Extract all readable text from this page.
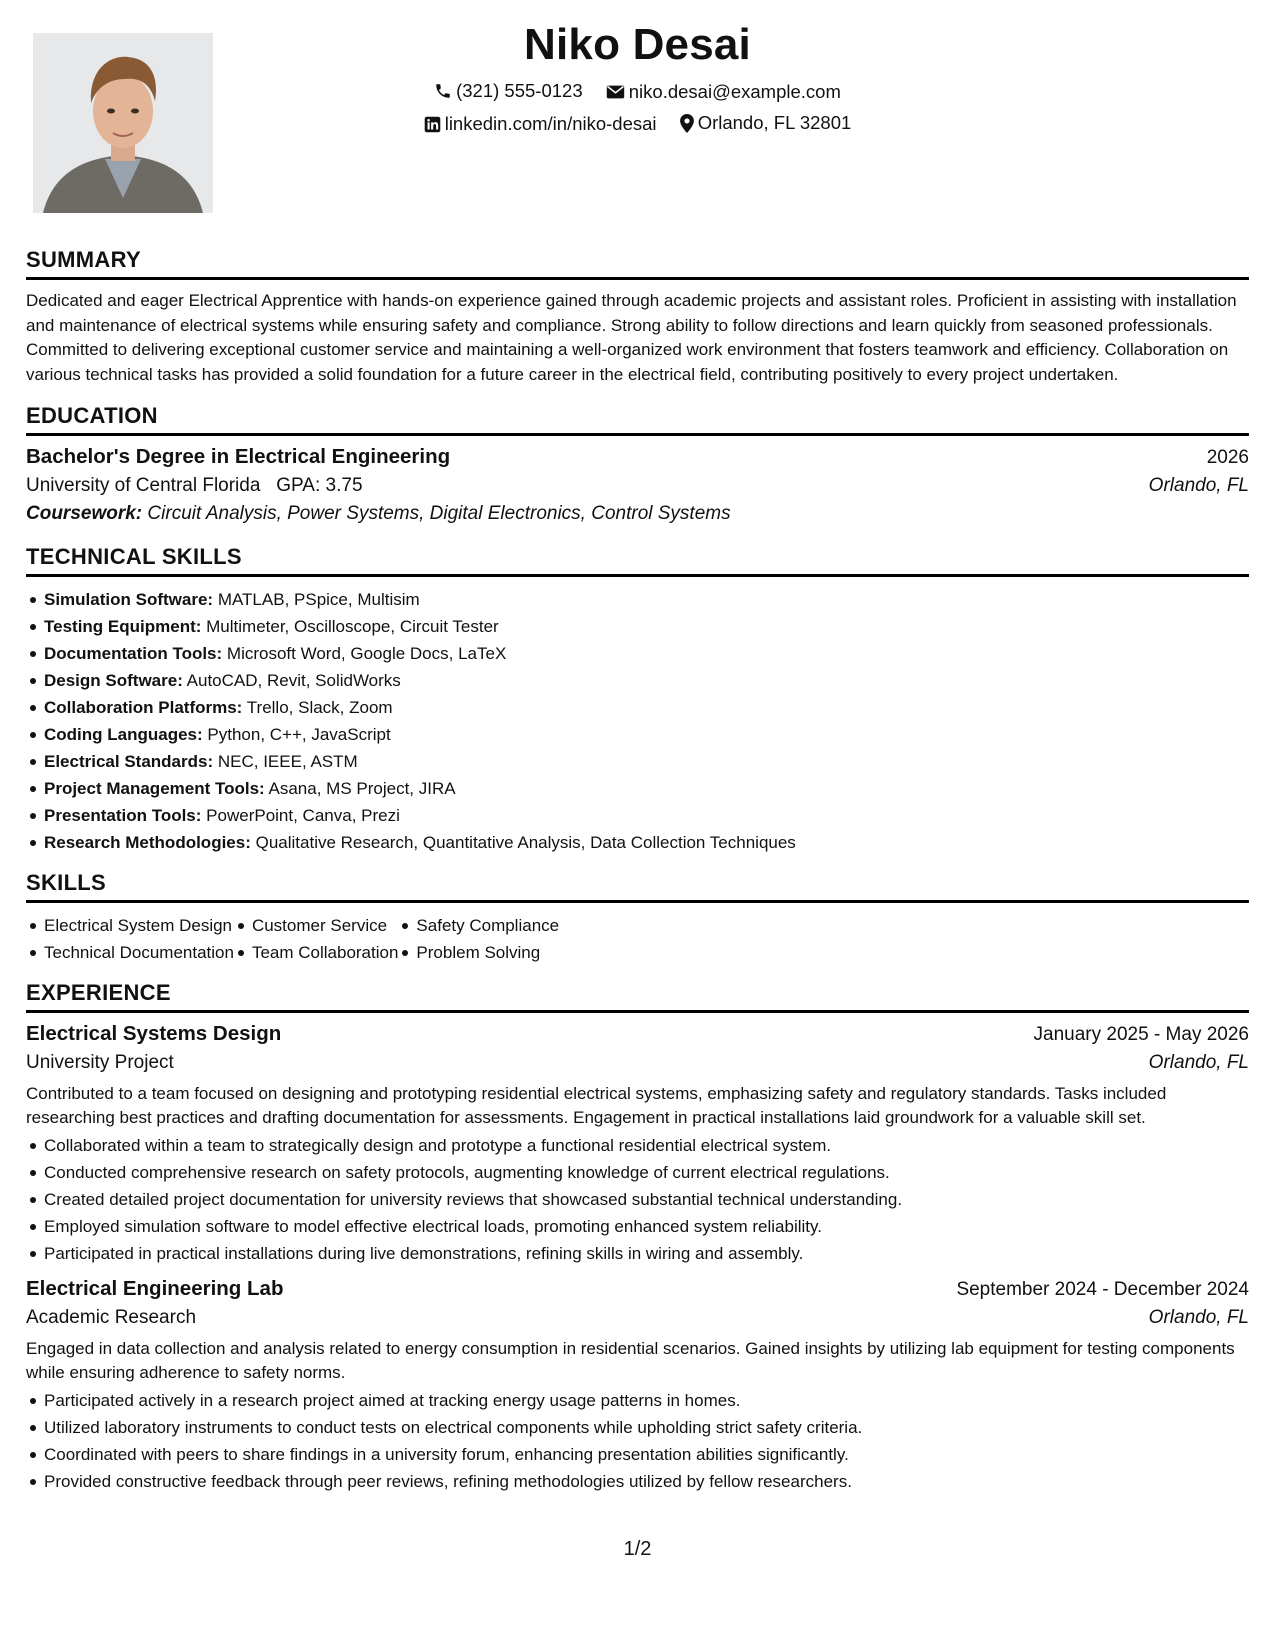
Niko Desai
(321) 555-0123
niko.desai@example.com
linkedin.com/in/niko-desai
Orlando, FL 32801
SUMMARY

Dedicated and eager Electrical Apprentice with hands-on experience gained through academic projects and assistant roles. Proficient in assisting with installation and maintenance of electrical systems while ensuring safety and compliance. Strong ability to follow directions and learn quickly from seasoned professionals. Committed to delivering exceptional customer service and maintaining a well-organized work environment that fosters teamwork and efficiency. Collaboration on various technical tasks has provided a solid foundation for a future career in the electrical field, contributing positively to every project undertaken.

EDUCATION
Bachelor's Degree in Electrical Engineering	2026
University of Central Florida GPA: 3.75	Orlando, FL
Coursework: Circuit Analysis, Power Systems, Digital Electronics, Control Systems
TECHNICAL SKILLS
Simulation Software: MATLAB, PSpice, Multisim
Testing Equipment: Multimeter, Oscilloscope, Circuit Tester
Documentation Tools: Microsoft Word, Google Docs, LaTeX
Design Software: AutoCAD, Revit, SolidWorks
Collaboration Platforms: Trello, Slack, Zoom
Coding Languages: Python, C++, JavaScript
Electrical Standards: NEC, IEEE, ASTM
Project Management Tools: Asana, MS Project, JIRA
Presentation Tools: PowerPoint, Canva, Prezi
Research Methodologies: Qualitative Research, Quantitative Analysis, Data Collection Techniques
SKILLS
Electrical System Design
Technical Documentation
Customer Service
Team Collaboration
Safety Compliance
Problem Solving
EXPERIENCE
Electrical Systems Design	January 2025 - May 2026
University Project	Orlando, FL

Contributed to a team focused on designing and prototyping residential electrical systems, emphasizing safety and regulatory standards. Tasks included researching best practices and drafting documentation for assessments. Engagement in practical installations laid groundwork for a valuable skill set.

Collaborated within a team to strategically design and prototype a functional residential electrical system.
Conducted comprehensive research on safety protocols, augmenting knowledge of current electrical regulations.
Created detailed project documentation for university reviews that showcased substantial technical understanding.
Employed simulation software to model effective electrical loads, promoting enhanced system reliability.
Participated in practical installations during live demonstrations, refining skills in wiring and assembly.
Electrical Engineering Lab	September 2024 - December 2024
Academic Research	Orlando, FL

Engaged in data collection and analysis related to energy consumption in residential scenarios. Gained insights by utilizing lab equipment for testing components while ensuring adherence to safety norms.

Participated actively in a research project aimed at tracking energy usage patterns in homes.
Utilized laboratory instruments to conduct tests on electrical components while upholding strict safety criteria.
Coordinated with peers to share findings in a university forum, enhancing presentation abilities significantly.
Provided constructive feedback through peer reviews, refining methodologies utilized by fellow researchers.
1/2
